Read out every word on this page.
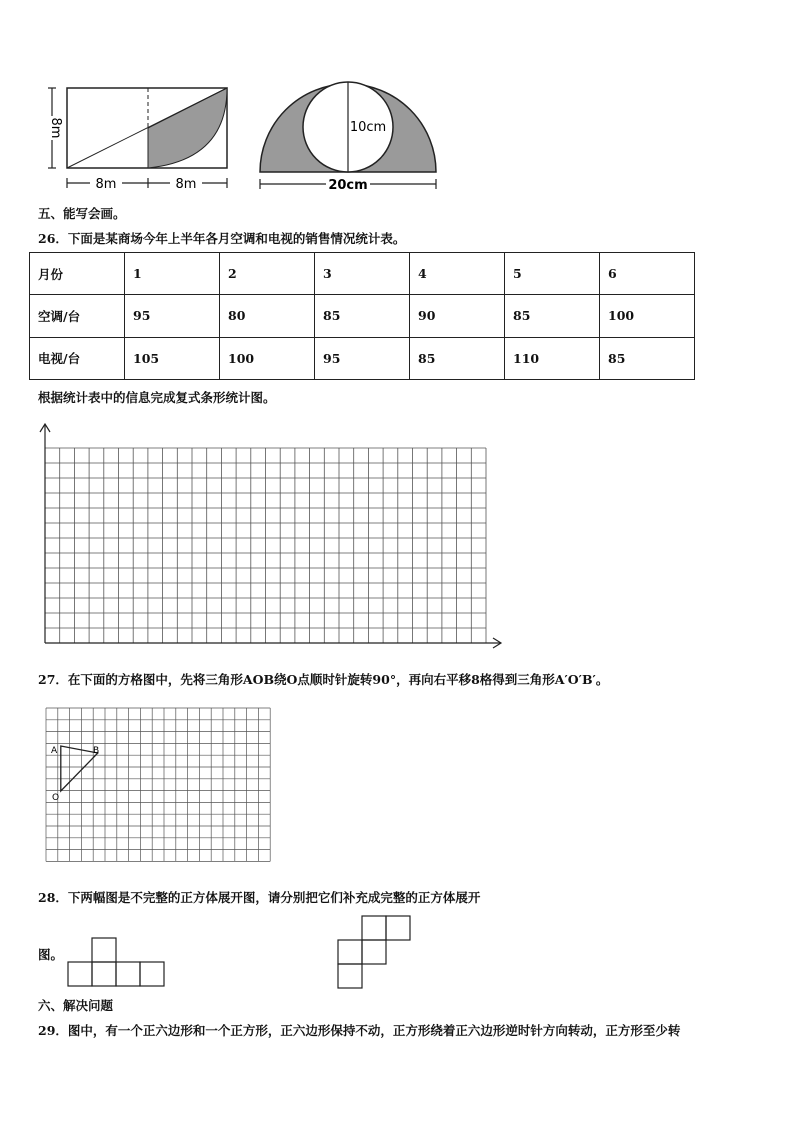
8m
8m	8m
10cm
20cm
五、能写会画。
26．下面是某商场今年上半年各月空调和电视的销售情况统计表。
月份	1	2	3	4	5	6
空调/台	95	80	85	90	85	100
电视/台	105	100	95	85	110	85
根据统计表中的信息完成复式条形统计图。
27．在下面的方格图中，先将三角形AOB绕O点顺时针旋转90°，再向右平移8格得到三角形A′O′B′。
A	B
O
28．下两幅图是不完整的正方体展开图，请分别把它们补充成完整的正方体展开
图。
六、解决问题
29．图中，有一个正六边形和一个正方形，正六边形保持不动，正方形绕着正六边形逆时针方向转动，正方形至少转
